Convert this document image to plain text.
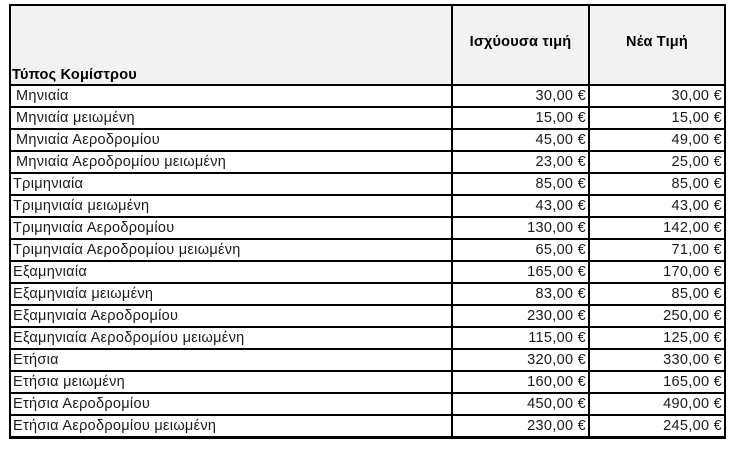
Τύπος Κομίστρου	Ισχύουσα τιμή	Νέα Τιμή
Μηνιαία	30,00 €	30,00 €
Μηνιαία μειωμένη	15,00 €	15,00 €
Μηνιαία Αεροδρομίου	45,00 €	49,00 €
Μηνιαία Αεροδρομίου μειωμένη	23,00 €	25,00 €
Τριμηνιαία	85,00 €	85,00 €
Τριμηνιαία μειωμένη	43,00 €	43,00 €
Τριμηνιαία Αεροδρομίου	130,00 €	142,00 €
Τριμηνιαία Αεροδρομίου μειωμένη	65,00 €	71,00 €
Εξαμηνιαία	165,00 €	170,00 €
Εξαμηνιαία μειωμένη	83,00 €	85,00 €
Εξαμηνιαία Αεροδρομίου	230,00 €	250,00 €
Εξαμηνιαία Αεροδρομίου μειωμένη	115,00 €	125,00 €
Ετήσια	320,00 €	330,00 €
Ετήσια μειωμένη	160,00 €	165,00 €
Ετήσια Αεροδρομίου	450,00 €	490,00 €
Ετήσια Αεροδρομίου μειωμένη	230,00 €	245,00 €
